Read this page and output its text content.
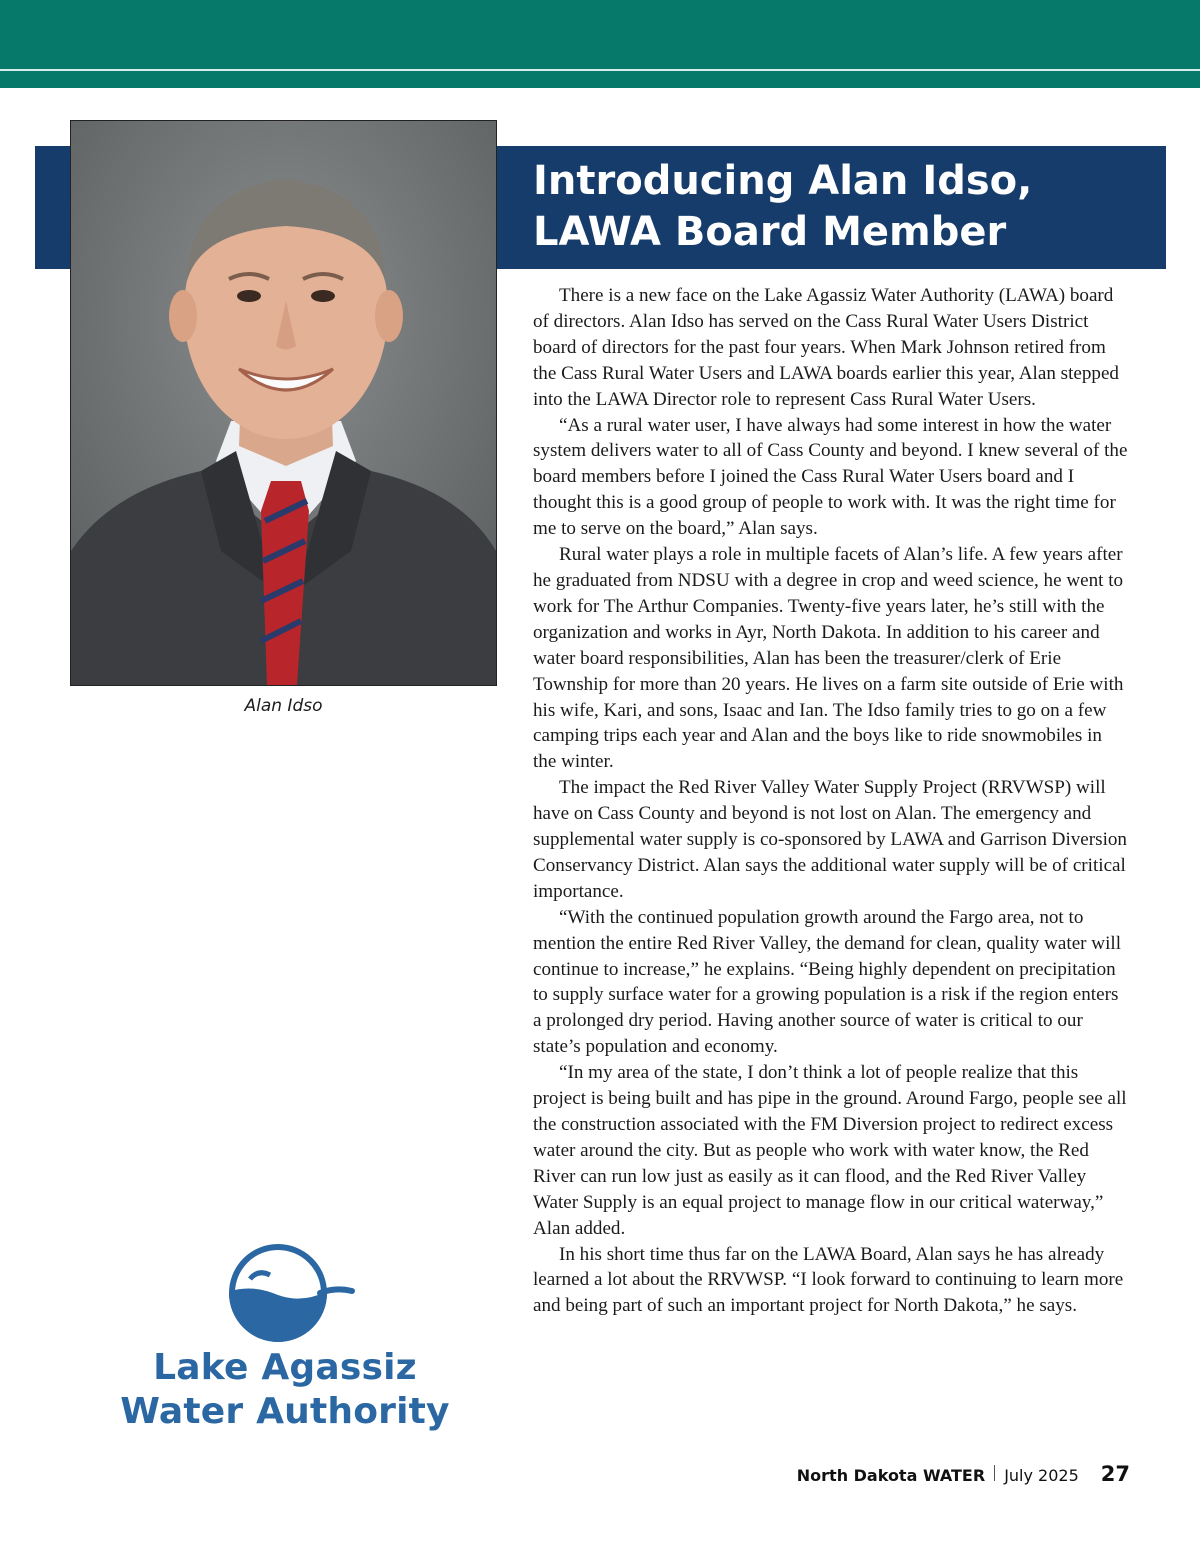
Introducing Alan Idso,
LAWA Board Member
Alan Idso

There is a new face on the Lake Agassiz Water Authority (LAWA) board of directors. Alan Idso has served on the Cass Rural Water Users District board of directors for the past four years. When Mark Johnson retired from the Cass Rural Water Users and LAWA boards earlier this year, Alan stepped into the LAWA Director role to represent Cass Rural Water Users.

“As a rural water user, I have always had some interest in how the water system delivers water to all of Cass County and beyond. I knew several of the board members before I joined the Cass Rural Water Users board and I thought this is a good group of people to work with. It was the right time for me to serve on the board,” Alan says.

Rural water plays a role in multiple facets of Alan’s life. A few years after he graduated from NDSU with a degree in crop and weed science, he went to work for The Arthur Companies. Twenty-five years later, he’s still with the organization and works in Ayr, North Dakota. In addition to his career and water board responsibilities, Alan has been the treasurer/clerk of Erie Township for more than 20 years. He lives on a farm site outside of Erie with his wife, Kari, and sons, Isaac and Ian. The Idso family tries to go on a few camping trips each year and Alan and the boys like to ride snowmobiles in the winter.

The impact the Red River Valley Water Supply Project (RRVWSP) will have on Cass County and beyond is not lost on Alan. The emergency and supplemental water supply is co-sponsored by LAWA and Garrison Diversion Conservancy District. Alan says the additional water supply will be of critical importance.

“With the continued population growth around the Fargo area, not to mention the entire Red River Valley, the demand for clean, quality water will continue to increase,” he explains. “Being highly dependent on precipitation to supply surface water for a growing population is a risk if the region enters a prolonged dry period. Having another source of water is critical to our state’s population and economy.

“In my area of the state, I don’t think a lot of people realize that this project is being built and has pipe in the ground. Around Fargo, people see all the construction associated with the FM Diversion project to redirect excess water around the city. But as people who work with water know, the Red River can run low just as easily as it can flood, and the Red River Valley Water Supply is an equal project to manage flow in our critical waterway,” Alan added.

In his short time thus far on the LAWA Board, Alan says he has already learned a lot about the RRVWSP. “I look forward to continuing to learn more and being part of such an important project for North Dakota,” he says.

Lake Agassiz
Water Authority
North Dakota WATER July 2025 27
